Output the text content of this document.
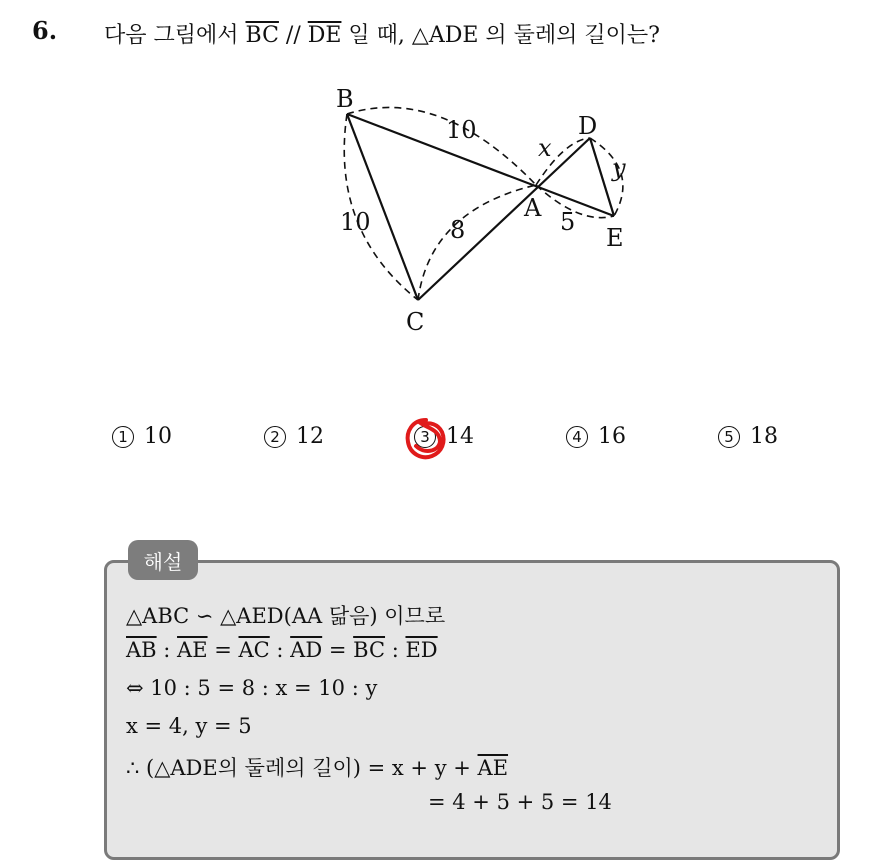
6. 다음 그림에서 $\overline{BC} // \overline{DE}$ 일 때, △ADE 의 둘레의 길이는?
B
C
A
D
E
10
10	8
x
y
5
1 10	2 12	3 14	4 16	5 18
해설
△ABC ∽ △AED(AA 닮음) 이므로
$\overline{AB}$ : $\overline{AE} = \overline{AC}$ : $\overline{AD} = \overline{BC}$ : $\overline{ED}$
⇔ 10 : 5 = 8 : x = 10 : y
x = 4, y = 5
∴ (△ADE의 둘레의 길이) = $x + y + \overline{AE}$
= 4 + 5 + 5 = 14
